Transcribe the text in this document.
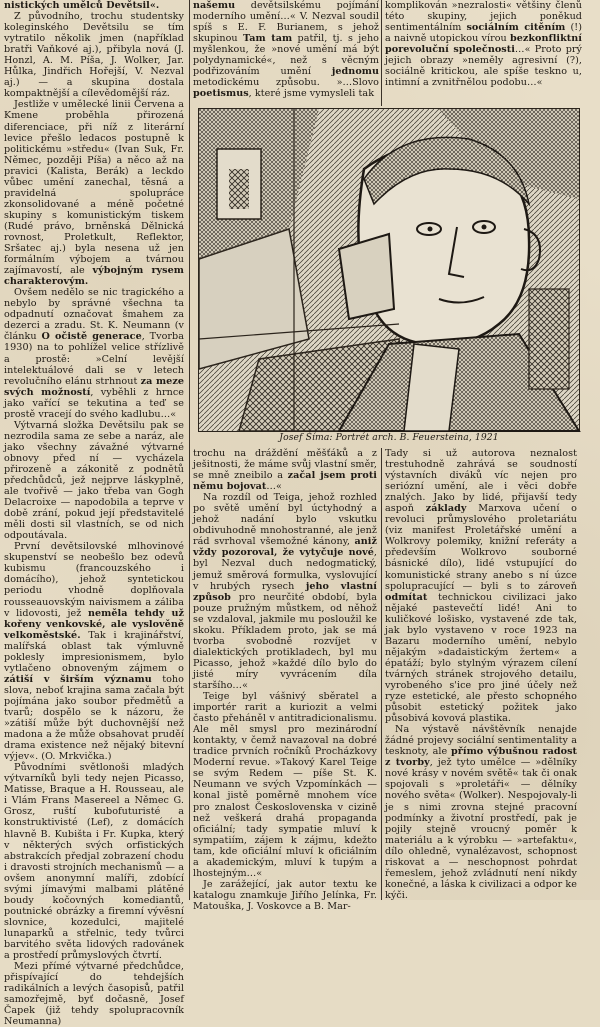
nistických umělců Devětsil«.

Z původního, trochu studentsky koleginského Devětsilu se tím vytratilo několik jmen (například bratři Vaňkové aj.), přibyla nová (J. Honzl, A. M. Píša, J. Wolker, Jar. Hůlka, Jindřich Hořejší, V. Nezval aj.) — a skupina dostala kompaktnější a cílevědomější ráz.

Jestliže v umělecké linii Červena a Kmene proběhla přirozená diferenciace, při níž z literární levice přešlo ledacos postupně k politickému »středu« (Ivan Suk, Fr. Němec, později Píša) a něco až na pravici (Kalista, Berák) a leckdo vůbec umění zanechal, těsná a pravidelná spolupráce zkonsolidované a méně početné skupiny s komunistickým tiskem (Rudé právo, brněnská Dělnická rovnost, Proletkult, Reflektor, Sršatec aj.) byla nesena už jen formálním výbojem a tvárnou zajímavostí, ale výbojným rysem charakterovým.

Ovšem nedělo se nic tragického a nebylo by správné všechna ta odpadnutí označovat šmahem za dezerci a zradu. St. K. Neumann (v článku O očistě generace, Tvorba 1930) na to pohlížel velice střízlivě a prostě: »Celní levější intelektuálové dali se v letech revolučního elánu strhnout za meze svých možností, vyběhli z hrnce jako vařící se tekutina a teď se prostě vracejí do svého kadlubu…«

Výtvarná složka Devětsilu pak se nezrodila sama ze sebe a naráz, ale jako všechny závažné výtvarné obnovy před ní — vycházela přirozeně a zákonitě z podnětů předchůdců, jež nejprve láskyplně, ale tvořivě — jako třeba van Gogh Delacroixe — napodobila a teprve v době zrání, pokud její představitelé měli dosti sil vlastních, se od nich odpoutávala.

První devětsilovské mlhovinové skupenství se neobešlo bez odevů kubismu (francouzského i domácího), jehož syntetickou periodu vhodně doplňovala rousseauovským naivismem a záliba v lidovosti, jež neměla tehdy už kořeny venkovské, ale vyslověně velkoměstské. Tak i krajinářství, malířská oblast tak výmluvně poklesly impresionismem, bylo vytlačeno obnoveným zájmem o zátiší v širším významu toho slova, neboť krajina sama začala být pojímána jako soubor předmětů a tvarů; dospělo se k názoru, že »zátiší může být duchovnější než madona a že může obsahovat pruděí drama existence než nějaký bitevní výjev«. (O. Mrkvička.)

Původními světlonoši mladých výtvarníků byli tedy nejen Picasso, Matisse, Braque a H. Rousseau, ale i Vlám Frans Masereel a Němec G. Grosz, ruští kubofuturisté a konstruktivisté (Lef), z domácích hlavně B. Kubišta i Fr. Kupka, který v některých svých orfistických abstrakcích předjal zobrazení chodu i dravosti strojních mechanismů — a ovšem anonymní malíři, zdobící svými jímavými malbami plátěné boudy kočovných komediantů, poutnické obrázky a firemní vývěsní slovnice, kozedulci, majitelé lunaparků a střelnic, tedy tvůrci barvitého světa lidových radovánek a prostředí průmyslových čtvrtí.

Mezi přímé výtvarné předchůdce, přispívající do tehdejších radikálních a levých časopisů, patřil samozřejmě, byť dočasně, Josef Čapek (již tehdy spolupracovník Neumanna)

našemu devětsilskému pojímání moderního umění…« V. Nezval soudil spíš s E. F. Burianem, s jehož skupinou Tam tam patřil, tj. s jeho myšlenkou, že »nové umění má být polydynamické«, než s věcným podřizováním umění jednomu metodickému způsobu. »…Slovo poetismus, které jsme vymysleli tak

komplikován »nezralosti« většiny členů této skupiny, jejich poněkud sentimentálním sociálním citěním (!) a naivně utopickou vírou bezkonfliktní porevoluční společnosti…« Proto prý jejich obrazy »neměly agresivní (?), sociálně kritickou, ale spíše teskno u, intimní a zvnitřnělou podobu…«

Josef Šíma: Portrét arch. B. Feuersteina, 1921

trochu na dráždění měšťáků a z ješitnosti, že máme svůj vlastní směr, se mně zneibilo a začal jsem proti němu bojovat…«

Na rozdíl od Teiga, jehož rozhled po světě umění byl úctyhodný a jehož nadání bylo vskutku obdivuhodně mnohostranné, ale jenž rád svrhoval všemožné kánony, aniž vždy pozoroval, že vytyčuje nové, byl Nezval duch nedogmatický, jemuž směrová formulka, vyslovující v hrubých rysech jeho vlastní způsob pro neurčité období, byla pouze pružným můstkem, od něhož se vzdaloval, jakmile mu posloužil ke skoku. Příkladem proto, jak se má tvorba svobodně rozvíjet v dialektických protikladech, byl mu Picasso, jehož »každé dílo bylo do jisté míry vyvrácením díla staršího…«

Teige byl vášnivý sběratel a importér rarit a kuriozit a velmi často přeháněl v antitradicionalismu. Ale měl smysl pro mezinárodní kontakty, v čemž navazoval na dobré tradice prvních ročníků Procházkovy Moderní revue. »Takový Karel Teige se svým Redem — píše St. K. Neumann ve svých Vzpomínkách — konal jistě poměrně mnohem více pro znalost Československa v cizině než veškerá drahá propaganda oficiální; tady sympatie mluví k sympatiím, zájem k zájmu, kdežto tam, kde oficiální mluví k oficiálním a akademickým, mluví k tupým a lhostejným…«

Je zarážející, jak autor textu ke katalogu znamkuje Jiřího Jelínka, Fr. Matouška, J. Voskovce a B. Mar-

Tady si už autorova neznalost trestuhodně zahrává se soudností výstavních diváků víc nejen pro seriózní umění, ale i věci dobře znalých. Jako by lidé, přijavší tedy aspoň základy Marxova učení o revoluci průmyslového proletariátu (viz manifest Proletářské umění a Wolkrovy polemiky, knižní referáty a především Wolkrovo souborné básnické dílo), lidé vstupující do komunistické strany anebo s ní úzce spolupracující — byli s to zároveň odmítat technickou civilizaci jako nějaké pastevečtí lidé! Ani to kuličkové lošisko, vystavené zde tak, jak bylo vystaveno v roce 1923 na Bazaru moderního umění, nebylo nějakým »dadaistickým žertem« a épatáží; bylo stylným výrazem cílení tvárných stránek strojového detailu, vyrobeného s'ice pro jiné účely než ryze estetické, ale přesto schopného působit estetický požitek jako působivá kovová plastika.

Na výstavě návštěvník nenajde žádné projevy sociální sentimentality a tesknoty, ale přímo výbušnou radost z tvorby, jež tyto umělce — »dělníky nové krásy v novém světě« tak či onak spojovali s »proletáři« — dělníky nového světa« (Wolker). Nespojovaly-li je s nimi zrovna stejné pracovní podmínky a životní prostředí, pak je pojily stejně vroucný poměr k materiálu a k výrobku — »artefaktu«, dílo ohledně, vynalézavost, schopnost riskovat a — neschopnost pohrdat řemeslem, jehož zvládnutí není nikdy konečné, a láska k civilizaci a odpor ke kýči.
